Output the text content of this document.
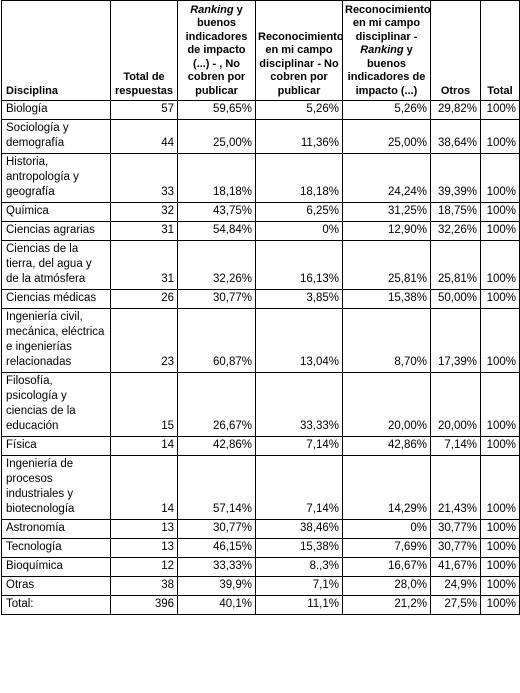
Disciplina	Total de respuestas	Ranking y buenos indicadores de impacto (...) - , No cobren por publicar	Reconocimiento en mi campo disciplinar - No cobren por publicar	Reconocimiento en mi campo disciplinar - Ranking y buenos indicadores de impacto (...)	Otros	Total
Biología	57	59,65%	5,26%	5,26%	29,82%	100%
Sociología y demografía	44	25,00%	11,36%	25,00%	38,64%	100%
Historia, antropología y geografía	33	18,18%	18,18%	24,24%	39,39%	100%
Química	32	43,75%	6,25%	31,25%	18,75%	100%
Ciencias agrarias	31	54,84%	0%	12,90%	32,26%	100%
Ciencias de la tierra, del agua y de la atmósfera	31	32,26%	16,13%	25,81%	25,81%	100%
Ciencias médicas	26	30,77%	3,85%	15,38%	50,00%	100%
Ingeniería civil, mecánica, eléctrica e ingenierías relacionadas	23	60,87%	13,04%	8,70%	17,39%	100%
Filosofía, psicología y ciencias de la educación	15	26,67%	33,33%	20,00%	20,00%	100%
Física	14	42,86%	7,14%	42,86%	7,14%	100%
Ingeniería de procesos industriales y biotecnología	14	57,14%	7,14%	14,29%	21,43%	100%
Astronomía	13	30,77%	38,46%	0%	30,77%	100%
Tecnología	13	46,15%	15,38%	7,69%	30,77%	100%
Bioquímica	12	33,33%	8.,3%	16,67%	41,67%	100%
Otras	38	39,9%	7,1%	28,0%	24,9%	100%
Total:	396	40,1%	11,1%	21,2%	27,5%	100%
